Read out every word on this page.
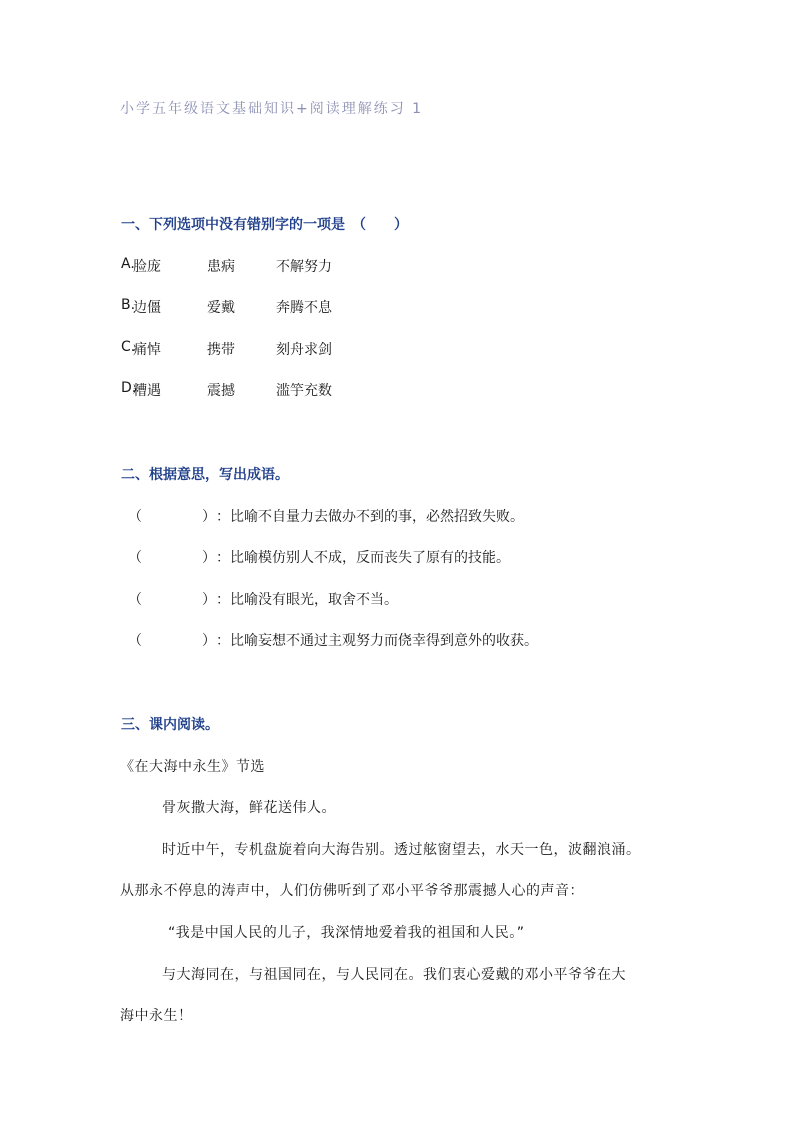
小学五年级语文基础知识+阅读理解练习 1
一、下列选项中没有错别字的一项是　（　　）
A.
脸庞	患病	不解努力
B.
边僵	爱戴	奔腾不息
C.
痛悼	携带	刻舟求剑
D.
糟遇	震撼	滥竽充数
二、根据意思，写出成语。
（	） ：比喻不自量力去做办不到的事，必然招致失败。
（	） ：比喻模仿别人不成，反而丧失了原有的技能。
（	） ：比喻没有眼光，取舍不当。
（	） ：比喻妄想不通过主观努力而侥幸得到意外的收获。
三、课内阅读。
《在大海中永生》节选
骨灰撒大海，鲜花送伟人。
时近中午，专机盘旋着向大海告别。透过舷窗望去，水天一色，波翻浪涌。
从那永不停息的涛声中，人们仿佛听到了邓小平爷爷那震撼人心的声音：
“我是中国人民的儿子，我深情地爱着我的祖国和人民。”
与大海同在，与祖国同在，与人民同在。我们衷心爱戴的邓小平爷爷在大
海中永生！
